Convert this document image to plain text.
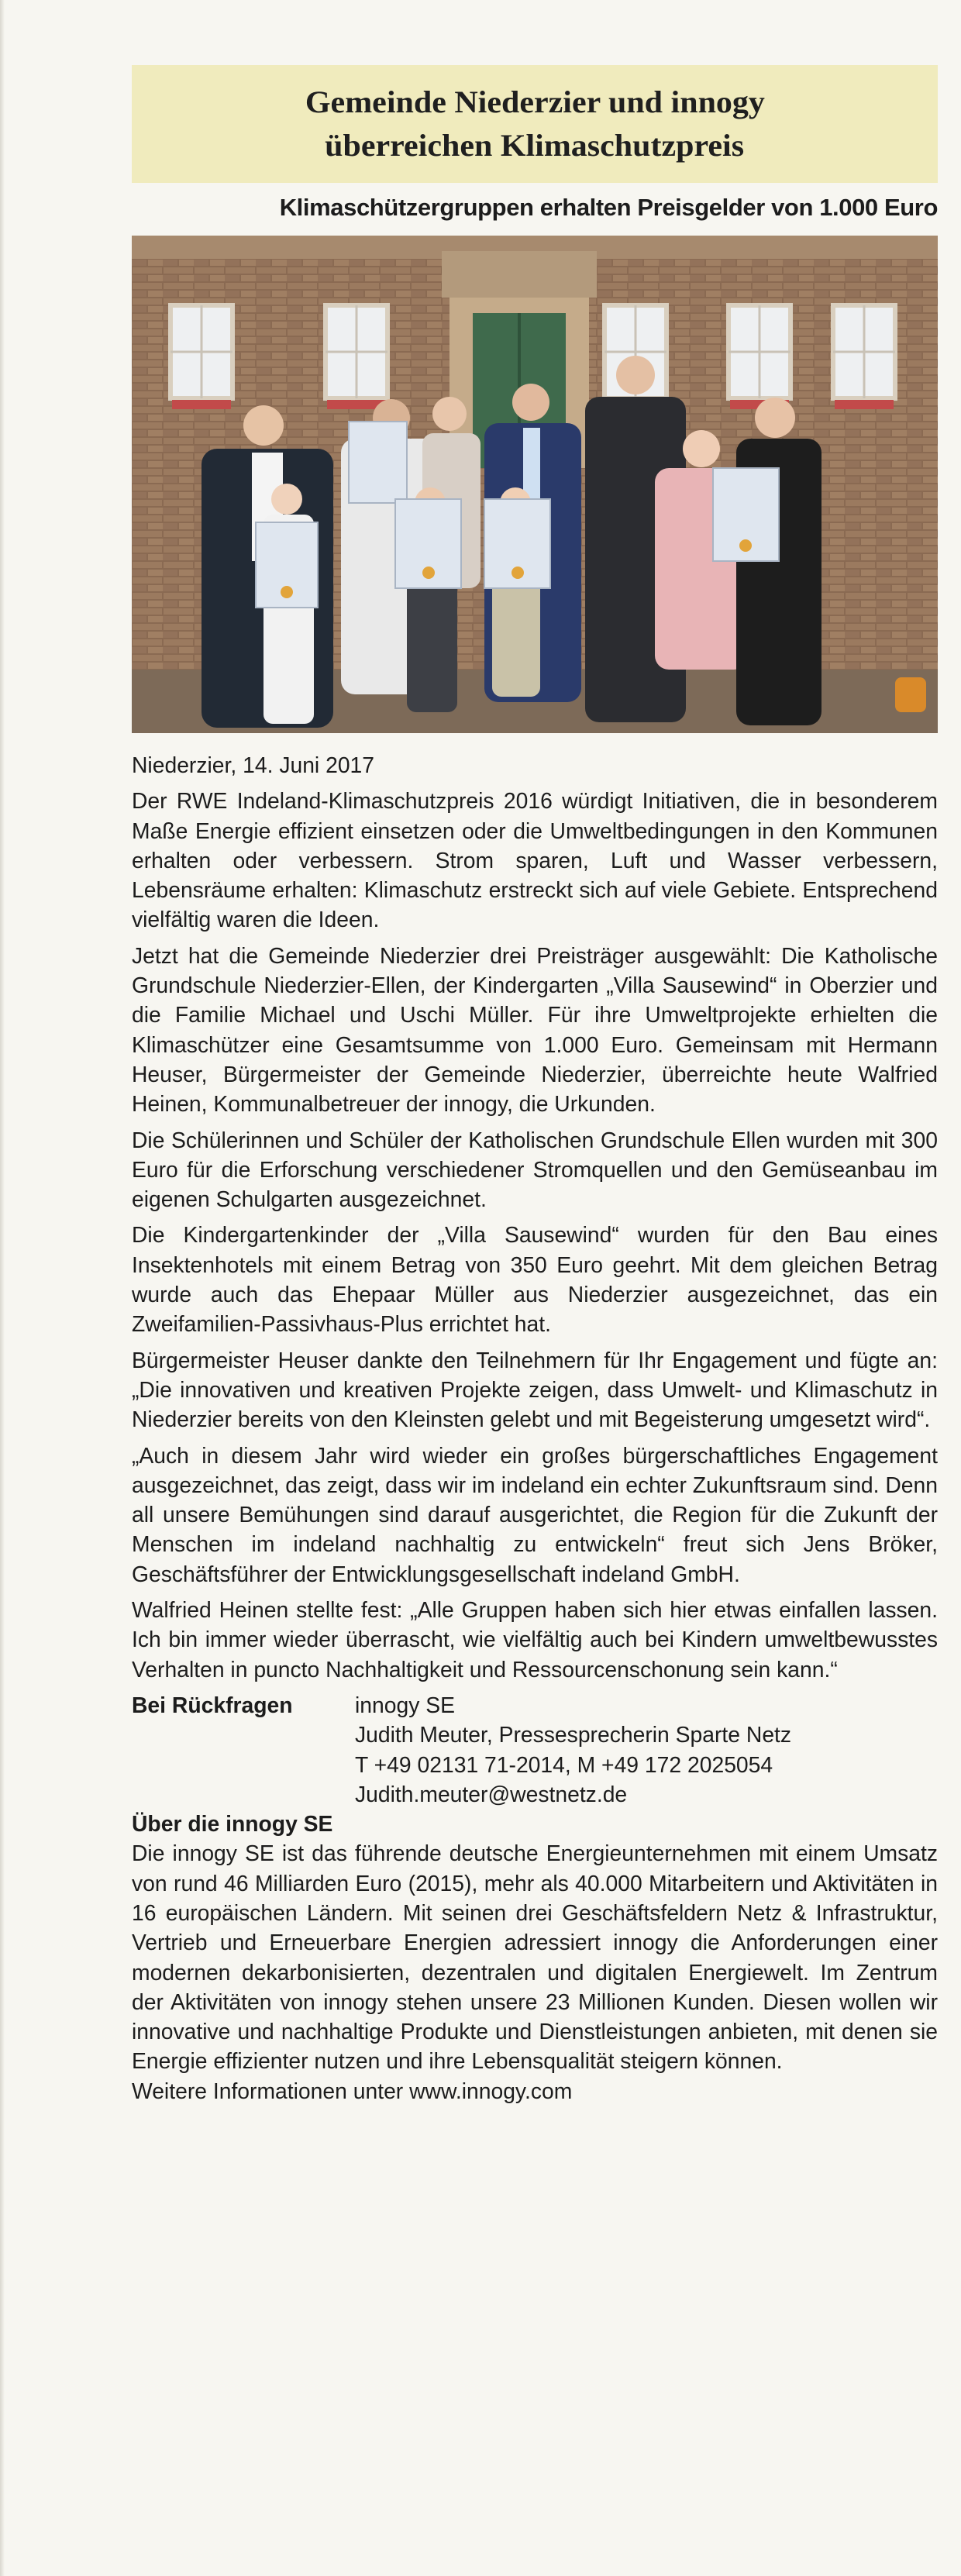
Gemeinde Niederzier und innogy
überreichen Klimaschutzpreis
Klimaschützergruppen erhalten Preisgelder von 1.000 Euro

Niederzier, 14. Juni 2017

Der RWE Indeland-Klimaschutzpreis 2016 würdigt Initiativen, die in besonderem Maße Energie effizient einsetzen oder die Umweltbedingungen in den Kommunen erhalten oder verbessern. Strom sparen, Luft und Wasser verbessern, Lebensräume erhalten: Klimaschutz erstreckt sich auf viele Gebiete. Entsprechend vielfältig waren die Ideen.

Jetzt hat die Gemeinde Niederzier drei Preisträger ausgewählt: Die Katholische Grundschule Niederzier-Ellen, der Kindergarten „Villa Sausewind“ in Oberzier und die Familie Michael und Uschi Müller. Für ihre Umweltprojekte erhielten die Klimaschützer eine Gesamtsumme von 1.000 Euro. Gemeinsam mit Hermann Heuser, Bürgermeister der Gemeinde Niederzier, überreichte heute Walfried Heinen, Kommunalbetreuer der innogy, die Urkunden.

Die Schülerinnen und Schüler der Katholischen Grundschule Ellen wurden mit 300 Euro für die Erforschung verschiedener Stromquellen und den Gemüseanbau im eigenen Schulgarten ausgezeichnet.

Die Kindergartenkinder der „Villa Sausewind“ wurden für den Bau eines Insektenhotels mit einem Betrag von 350 Euro geehrt. Mit dem gleichen Betrag wurde auch das Ehepaar Müller aus Niederzier ausgezeichnet, das ein Zweifamilien-Passivhaus-Plus errichtet hat.

Bürgermeister Heuser dankte den Teilnehmern für Ihr Engagement und fügte an: „Die innovativen und kreativen Projekte zeigen, dass Umwelt- und Klimaschutz in Niederzier bereits von den Kleinsten gelebt und mit Begeisterung umgesetzt wird“.

„Auch in diesem Jahr wird wieder ein großes bürgerschaftliches Engagement ausgezeichnet, das zeigt, dass wir im indeland ein echter Zukunftsraum sind. Denn all unsere Bemühungen sind darauf ausgerichtet, die Region für die Zukunft der Menschen im indeland nachhaltig zu entwickeln“ freut sich Jens Bröker, Geschäftsführer der Entwicklungsgesellschaft indeland GmbH.

Walfried Heinen stellte fest: „Alle Gruppen haben sich hier etwas einfallen lassen. Ich bin immer wieder überrascht, wie vielfältig auch bei Kindern umweltbewusstes Verhalten in puncto Nachhaltigkeit und Ressourcenschonung sein kann.“

Bei Rückfragen	innogy SE
Judith Meuter, Pressesprecherin Sparte Netz
T +49 02131 71-2014, M +49 172 2025054
Judith.meuter@westnetz.de
Über die innogy SE

Die innogy SE ist das führende deutsche Energieunternehmen mit einem Umsatz von rund 46 Milliarden Euro (2015), mehr als 40.000 Mitarbeitern und Aktivitäten in 16 europäischen Ländern. Mit seinen drei Geschäftsfeldern Netz & Infrastruktur, Vertrieb und Erneuerbare Energien adressiert innogy die Anforderungen einer modernen dekarbonisierten, dezentralen und digitalen Energiewelt. Im Zentrum der Aktivitäten von innogy stehen unsere 23 Millionen Kunden. Diesen wollen wir innovative und nachhaltige Produkte und Dienstleistungen anbieten, mit denen sie Energie effizienter nutzen und ihre Lebensqualität steigern können.

Weitere Informationen unter www.innogy.com
